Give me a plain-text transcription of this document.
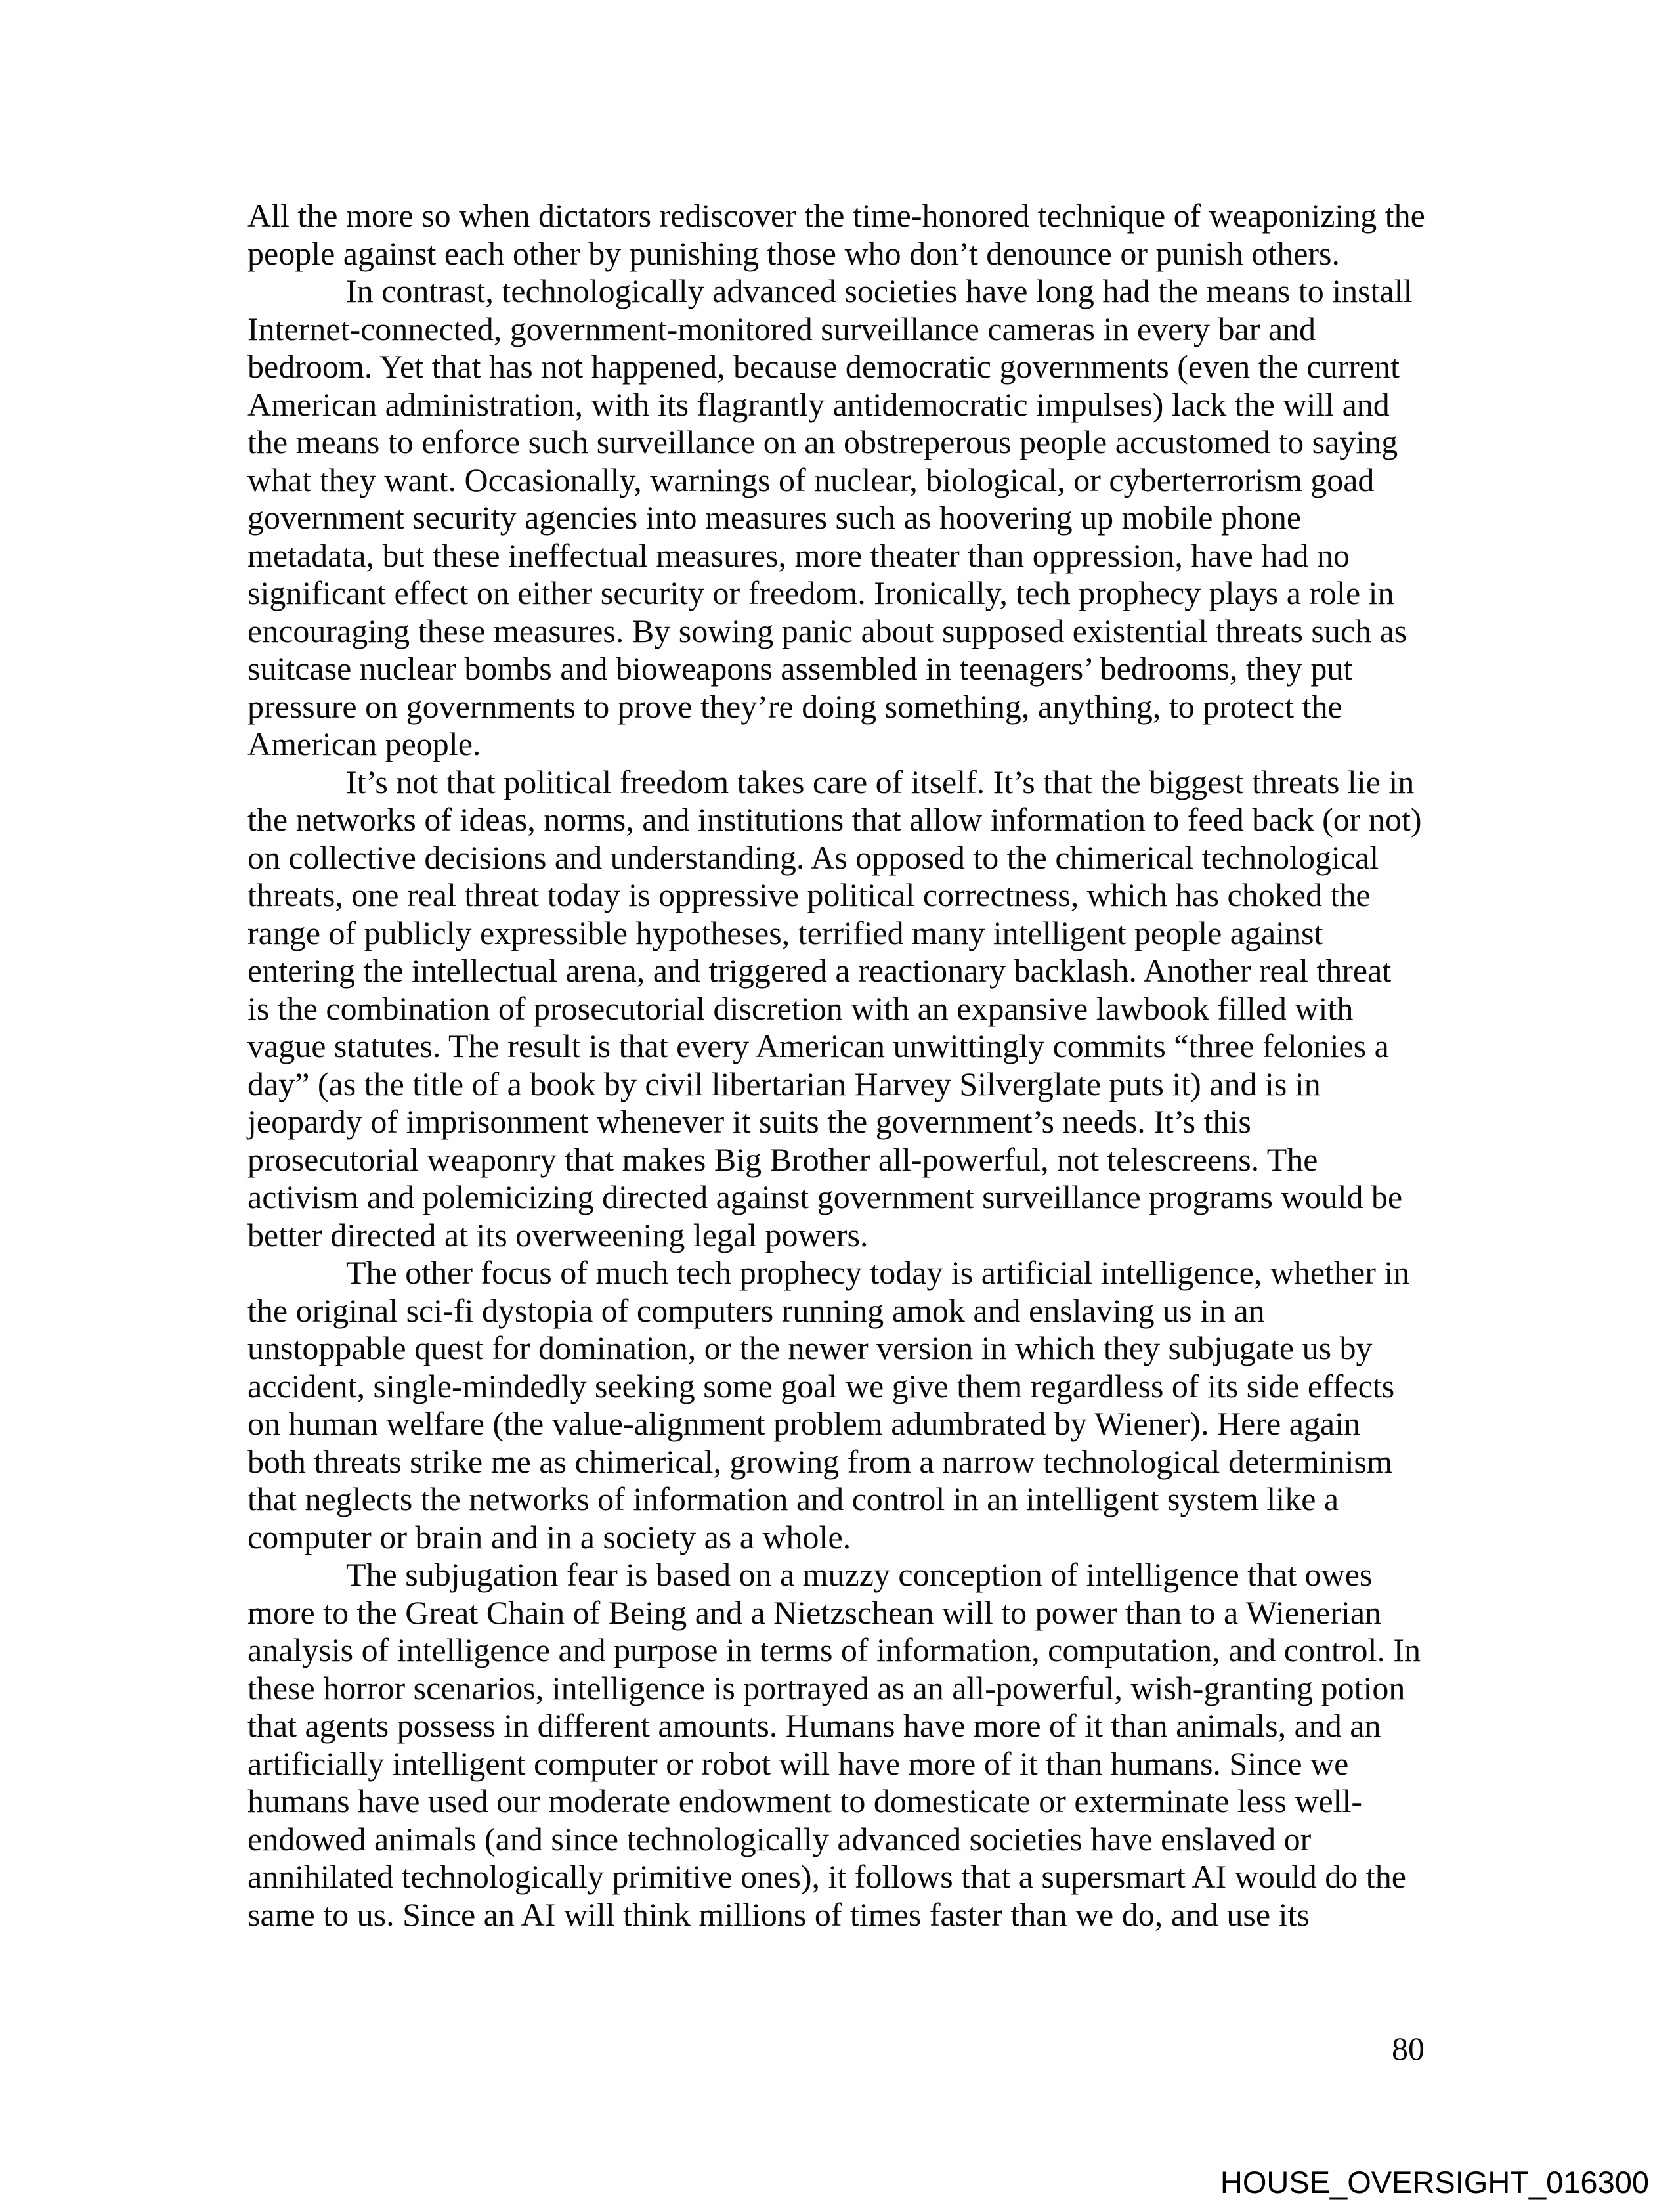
All the more so when dictators rediscover the time-honored technique of weaponizing the
people against each other by punishing those who don’t denounce or punish others.
In contrast, technologically advanced societies have long had the means to install
Internet-connected, government-monitored surveillance cameras in every bar and
bedroom. Yet that has not happened, because democratic governments (even the current
American administration, with its flagrantly antidemocratic impulses) lack the will and
the means to enforce such surveillance on an obstreperous people accustomed to saying
what they want. Occasionally, warnings of nuclear, biological, or cyberterrorism goad
government security agencies into measures such as hoovering up mobile phone
metadata, but these ineffectual measures, more theater than oppression, have had no
significant effect on either security or freedom. Ironically, tech prophecy plays a role in
encouraging these measures. By sowing panic about supposed existential threats such as
suitcase nuclear bombs and bioweapons assembled in teenagers’ bedrooms, they put
pressure on governments to prove they’re doing something, anything, to protect the
American people.
It’s not that political freedom takes care of itself. It’s that the biggest threats lie in
the networks of ideas, norms, and institutions that allow information to feed back (or not)
on collective decisions and understanding. As opposed to the chimerical technological
threats, one real threat today is oppressive political correctness, which has choked the
range of publicly expressible hypotheses, terrified many intelligent people against
entering the intellectual arena, and triggered a reactionary backlash. Another real threat
is the combination of prosecutorial discretion with an expansive lawbook filled with
vague statutes. The result is that every American unwittingly commits “three felonies a
day” (as the title of a book by civil libertarian Harvey Silverglate puts it) and is in
jeopardy of imprisonment whenever it suits the government’s needs. It’s this
prosecutorial weaponry that makes Big Brother all-powerful, not telescreens. The
activism and polemicizing directed against government surveillance programs would be
better directed at its overweening legal powers.
The other focus of much tech prophecy today is artificial intelligence, whether in
the original sci-fi dystopia of computers running amok and enslaving us in an
unstoppable quest for domination, or the newer version in which they subjugate us by
accident, single-mindedly seeking some goal we give them regardless of its side effects
on human welfare (the value-alignment problem adumbrated by Wiener). Here again
both threats strike me as chimerical, growing from a narrow technological determinism
that neglects the networks of information and control in an intelligent system like a
computer or brain and in a society as a whole.
The subjugation fear is based on a muzzy conception of intelligence that owes
more to the Great Chain of Being and a Nietzschean will to power than to a Wienerian
analysis of intelligence and purpose in terms of information, computation, and control. In
these horror scenarios, intelligence is portrayed as an all-powerful, wish-granting potion
that agents possess in different amounts. Humans have more of it than animals, and an
artificially intelligent computer or robot will have more of it than humans. Since we
humans have used our moderate endowment to domesticate or exterminate less well-
endowed animals (and since technologically advanced societies have enslaved or
annihilated technologically primitive ones), it follows that a supersmart AI would do the
same to us. Since an AI will think millions of times faster than we do, and use its
80
HOUSE_OVERSIGHT_016300
